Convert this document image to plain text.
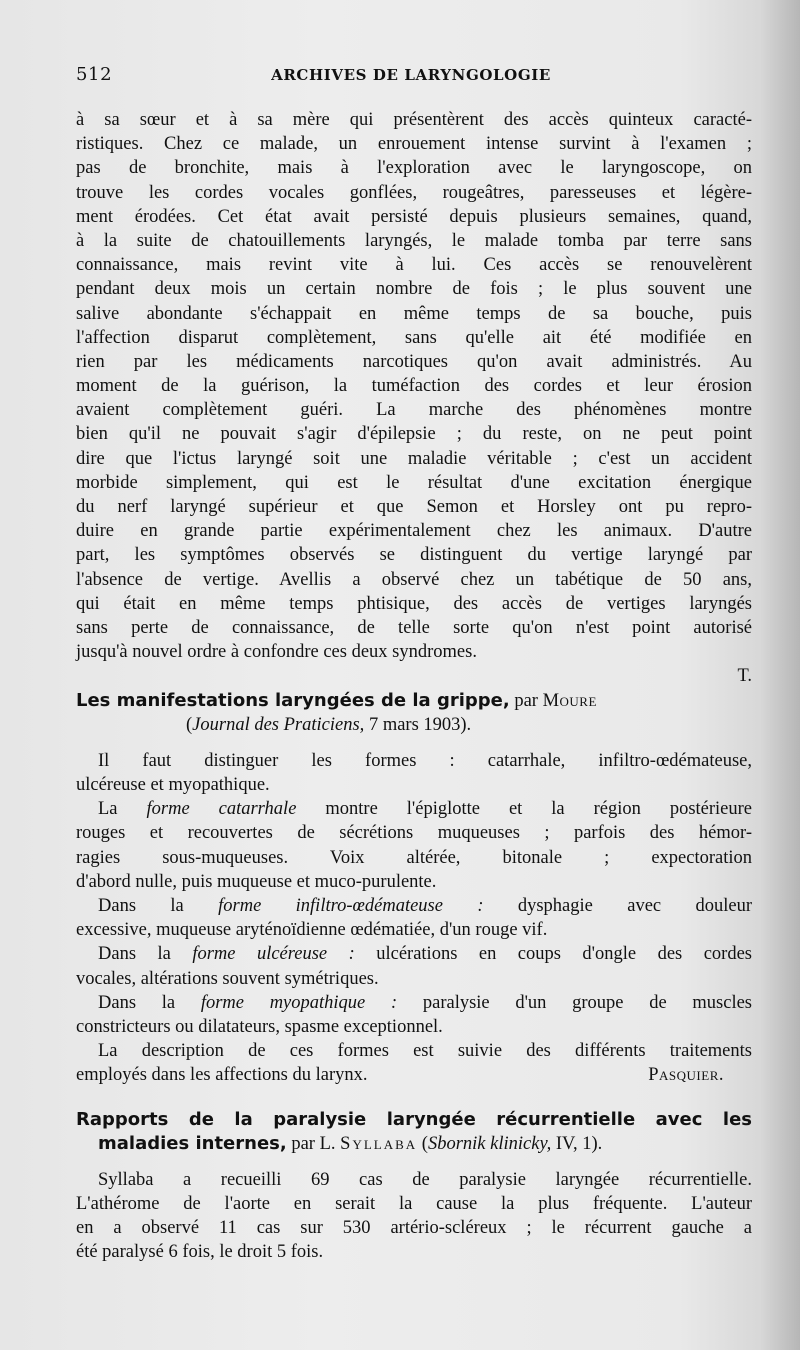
512	ARCHIVES DE LARYNGOLOGIE
à sa sœur et à sa mère qui présentèrent des accès quinteux caracté-
ristiques. Chez ce malade, un enrouement intense survint à l'examen ;
pas de bronchite, mais à l'exploration avec le laryngoscope, on
trouve les cordes vocales gonflées, rougeâtres, paresseuses et légère-
ment érodées. Cet état avait persisté depuis plusieurs semaines, quand,
à la suite de chatouillements laryngés, le malade tomba par terre sans
connaissance, mais revint vite à lui. Ces accès se renouvelèrent
pendant deux mois un certain nombre de fois ; le plus souvent une
salive abondante s'échappait en même temps de sa bouche, puis
l'affection disparut complètement, sans qu'elle ait été modifiée en
rien par les médicaments narcotiques qu'on avait administrés. Au
moment de la guérison, la tuméfaction des cordes et leur érosion
avaient complètement guéri. La marche des phénomènes montre
bien qu'il ne pouvait s'agir d'épilepsie ; du reste, on ne peut point
dire que l'ictus laryngé soit une maladie véritable ; c'est un accident
morbide simplement, qui est le résultat d'une excitation énergique
du nerf laryngé supérieur et que Semon et Horsley ont pu repro-
duire en grande partie expérimentalement chez les animaux. D'autre
part, les symptômes observés se distinguent du vertige laryngé par
l'absence de vertige. Avellis a observé chez un tabétique de 50 ans,
qui était en même temps phtisique, des accès de vertiges laryngés
sans perte de connaissance, de telle sorte qu'on n'est point autorisé
jusqu'à nouvel ordre à confondre ces deux syndromes.
T.
Les manifestations laryngées de la grippe, par Moure
(Journal des Praticiens, 7 mars 1903).
Il faut distinguer les formes : catarrhale, infiltro-œdémateuse,
ulcéreuse et myopathique.
La forme catarrhale montre l'épiglotte et la région postérieure
rouges et recouvertes de sécrétions muqueuses ; parfois des hémor-
ragies sous-muqueuses. Voix altérée, bitonale ; expectoration
d'abord nulle, puis muqueuse et muco-purulente.
Dans la forme infiltro-œdémateuse : dysphagie avec douleur
excessive, muqueuse aryténoïdienne œdématiée, d'un rouge vif.
Dans la forme ulcéreuse : ulcérations en coups d'ongle des cordes
vocales, altérations souvent symétriques.
Dans la forme myopathique : paralysie d'un groupe de muscles
constricteurs ou dilatateurs, spasme exceptionnel.
La description de ces formes est suivie des différents traitements
employés dans les affections du larynx.	Pasquier.
Rapports de la paralysie laryngée récurrentielle avec les
maladies internes, par L. Syllaba (Sbornik klinicky, IV, 1).
Syllaba a recueilli 69 cas de paralysie laryngée récurrentielle.
L'athérome de l'aorte en serait la cause la plus fréquente. L'auteur
en a observé 11 cas sur 530 artério-scléreux ; le récurrent gauche a
été paralysé 6 fois, le droit 5 fois.
